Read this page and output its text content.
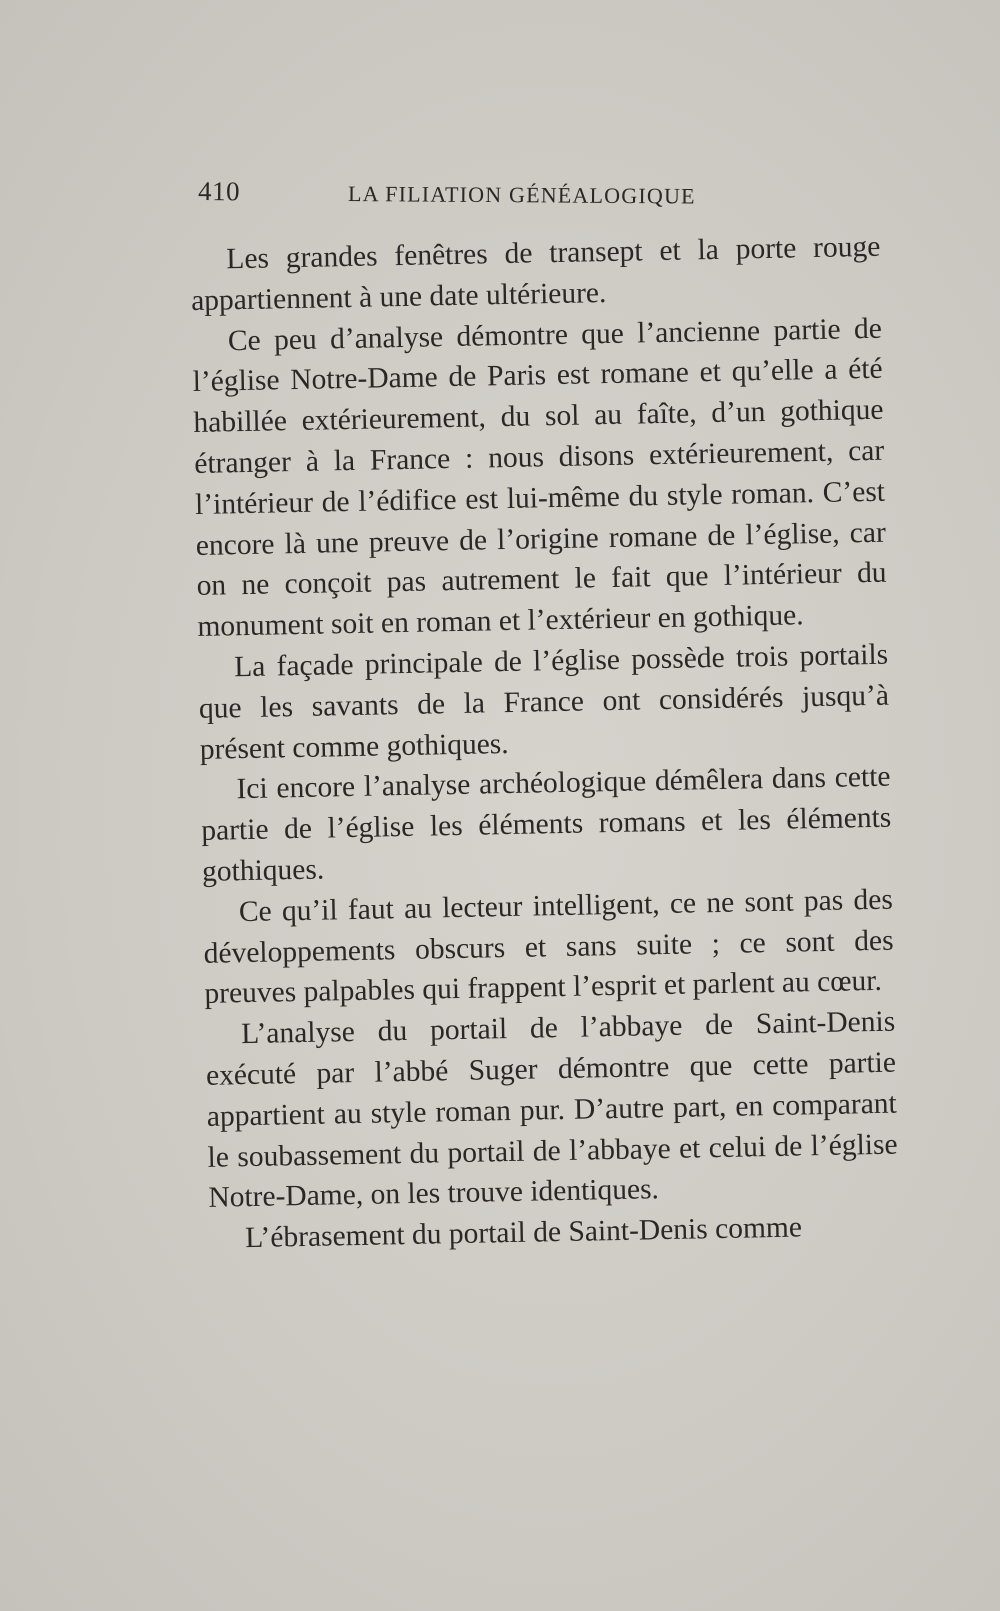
410	LA FILIATION GÉNÉALOGIQUE

Les grandes fenêtres de transept et la porte rouge appartiennent à une date ultérieure.

Ce peu d’analyse démontre que l’ancienne partie de l’église Notre-Dame de Paris est romane et qu’elle a été habillée extérieurement, du sol au faîte, d’un gothique étranger à la France : nous disons extérieurement, car l’intérieur de l’édifice est lui-même du style roman. C’est encore là une preuve de l’origine romane de l’église, car on ne conçoit pas autrement le fait que l’intérieur du monument soit en roman et l’extérieur en gothique.

La façade principale de l’église possède trois portails que les savants de la France ont considérés jusqu’à présent comme gothiques.

Ici encore l’analyse archéologique démêlera dans cette partie de l’église les éléments romans et les éléments gothiques.

Ce qu’il faut au lecteur intelligent, ce ne sont pas des développements obscurs et sans suite ; ce sont des preuves palpables qui frappent l’esprit et parlent au cœur.

L’analyse du portail de l’abbaye de Saint-Denis exécuté par l’abbé Suger démontre que cette partie appartient au style roman pur. D’autre part, en comparant le soubassement du portail de l’abbaye et celui de l’église Notre-Dame, on les trouve identiques.

L’ébrasement du portail de Saint-Denis comme
